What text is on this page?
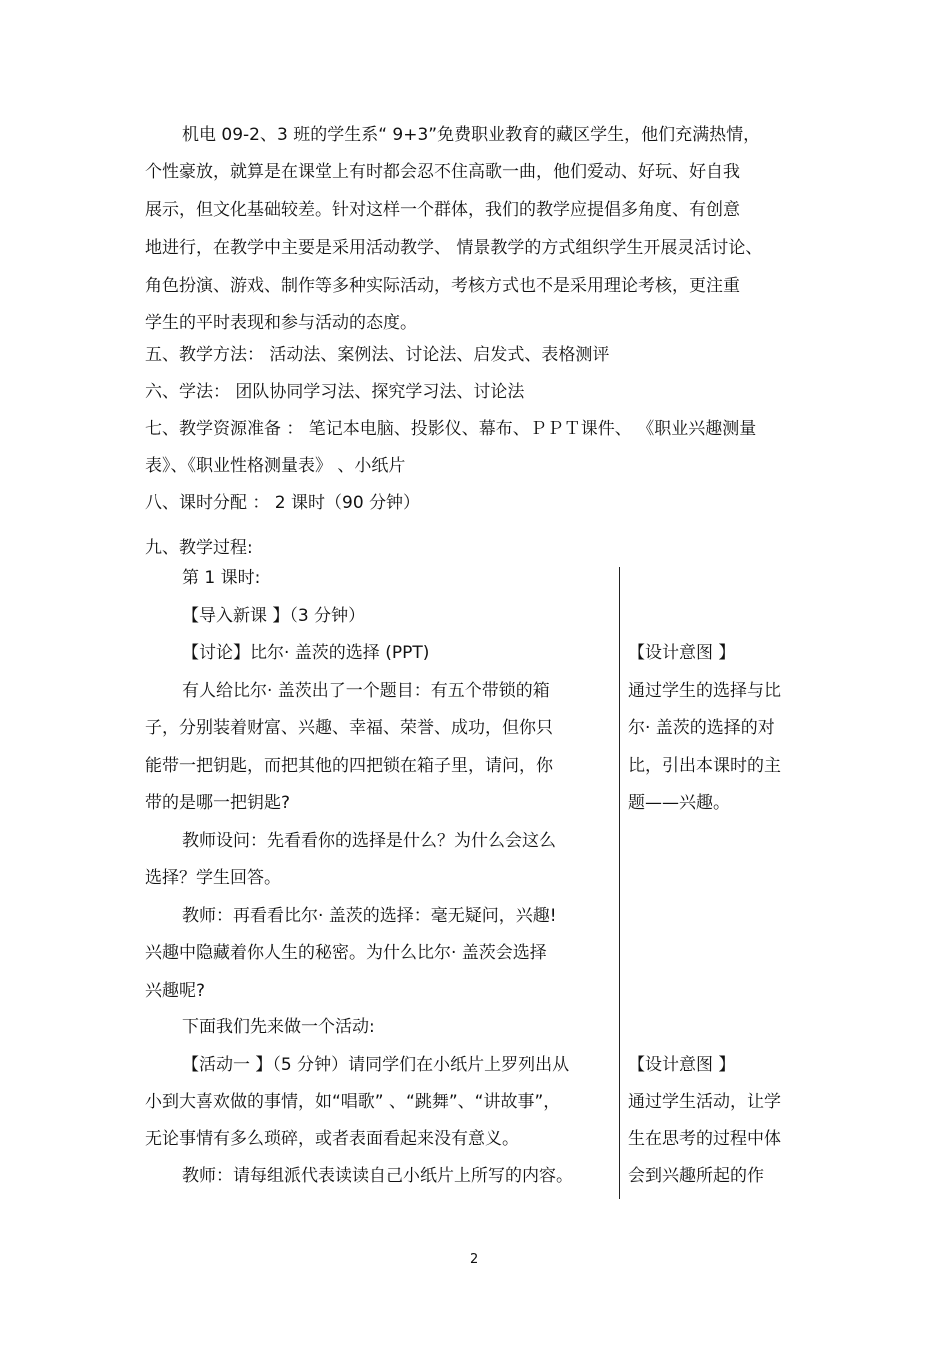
机电 09-2、3 班的学生系“ 9+3”免费职业教育的藏区学生，他们充满热情，
个性豪放，就算是在课堂上有时都会忍不住高歌一曲，他们爱动、好玩、好自我
展示，但文化基础较差。针对这样一个群体，我们的教学应提倡多角度、有创意
地进行，在教学中主要是采用活动教学、 情景教学的方式组织学生开展灵活讨论、
角色扮演、游戏、制作等多种实际活动，考核方式也不是采用理论考核，更注重
学生的平时表现和参与活动的态度。
五、教学方法： 活动法、案例法、讨论法、启发式、表格测评
六、学法： 团队协同学习法、探究学习法、讨论法
七、教学资源准备 ： 笔记本电脑、投影仪、幕布、ＰＰＴ课件、 《职业兴趣测量
表》、《职业性格测量表》 、小纸片
八、课时分配 ： 2 课时（90 分钟）
九、教学过程:
第 1 课时:
【导入新课 】（3 分钟）
【讨论】比尔· 盖茨的选择 (PPT)
有人给比尔· 盖茨出了一个题目：有五个带锁的箱
子，分别装着财富、兴趣、幸福、荣誉、成功，但你只
能带一把钥匙，而把其他的四把锁在箱子里，请问，你
带的是哪一把钥匙?
教师设问：先看看你的选择是什么？为什么会这么
选择？学生回答。
教师：再看看比尔· 盖茨的选择：毫无疑问，兴趣!
兴趣中隐藏着你人生的秘密。为什么比尔· 盖茨会选择
兴趣呢?
下面我们先来做一个活动:
【活动一 】（5 分钟）请同学们在小纸片上罗列出从
小到大喜欢做的事情，如“唱歌” 、“跳舞”、“讲故事”，
无论事情有多么琐碎，或者表面看起来没有意义。
教师：请每组派代表读读自己小纸片上所写的内容。
【设计意图 】
通过学生的选择与比
尔· 盖茨的选择的对
比，引出本课时的主
题——兴趣。
【设计意图 】
通过学生活动，让学
生在思考的过程中体
会到兴趣所起的作
2
